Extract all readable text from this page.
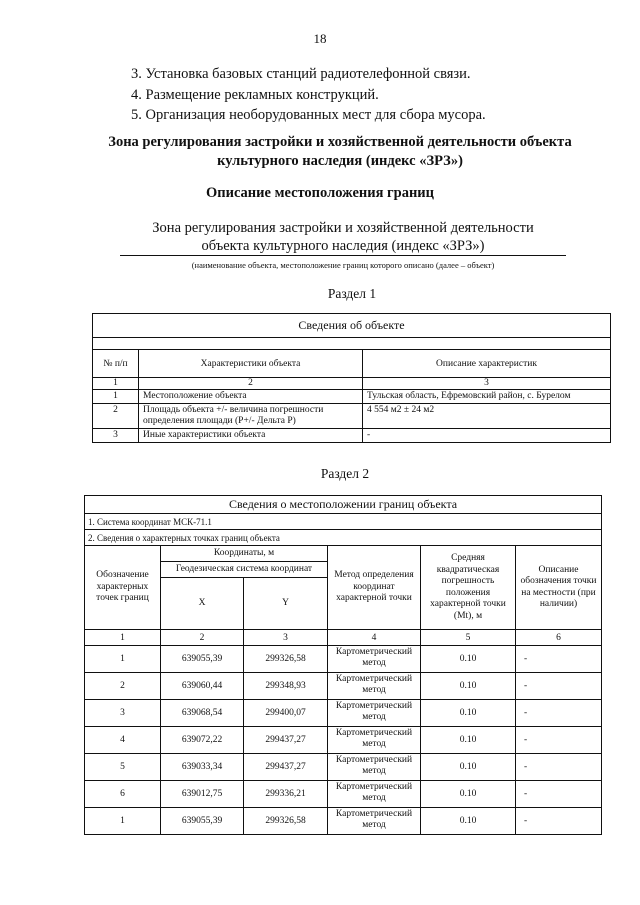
18
3. Установка базовых станций радиотелефонной связи.
4. Размещение рекламных конструкций.
5. Организация необорудованных мест для сбора мусора.
Зона регулирования застройки и хозяйственной деятельности объекта
культурного наследия (индекс «ЗРЗ»)
Описание местоположения границ
Зона регулирования застройки и хозяйственной деятельности
объекта культурного наследия (индекс «ЗРЗ»)
(наименование объекта, местоположение границ которого описано (далее – объект)
Раздел 1
Сведения об объекте		

№ п/п	Характеристики объекта	Описание характеристик
1	2	3
1	Местоположение объекта	Тульская область, Ефремовский район, с. Бурелом
2	Площадь объекта +/- величина погрешности определения площади (Р+/- Дельта Р)	4 554 м2 ± 24 м2
3	Иные характеристики объекта	-
Раздел 2
Сведения о местоположении границ объекта					
1. Система координат МСК-71.1					
2. Сведения о характерных точках границ объекта					
Обозначение характерных точек границ	Координаты, м		Метод определения координат характерной точки	Средняя квадратическая погрешность положения характерной точки (Mt), м	Описание обозначения точки на местности (при наличии)
	Геодезическая система координат				
	X	Y			
1	2	3	4	5	6
1	639055,39	299326,58	Картометрический метод	0.10	-
2	639060,44	299348,93	Картометрический метод	0.10	-
3	639068,54	299400,07	Картометрический метод	0.10	-
4	639072,22	299437,27	Картометрический метод	0.10	-
5	639033,34	299437,27	Картометрический метод	0.10	-
6	639012,75	299336,21	Картометрический метод	0.10	-
1	639055,39	299326,58	Картометрический метод	0.10	-
